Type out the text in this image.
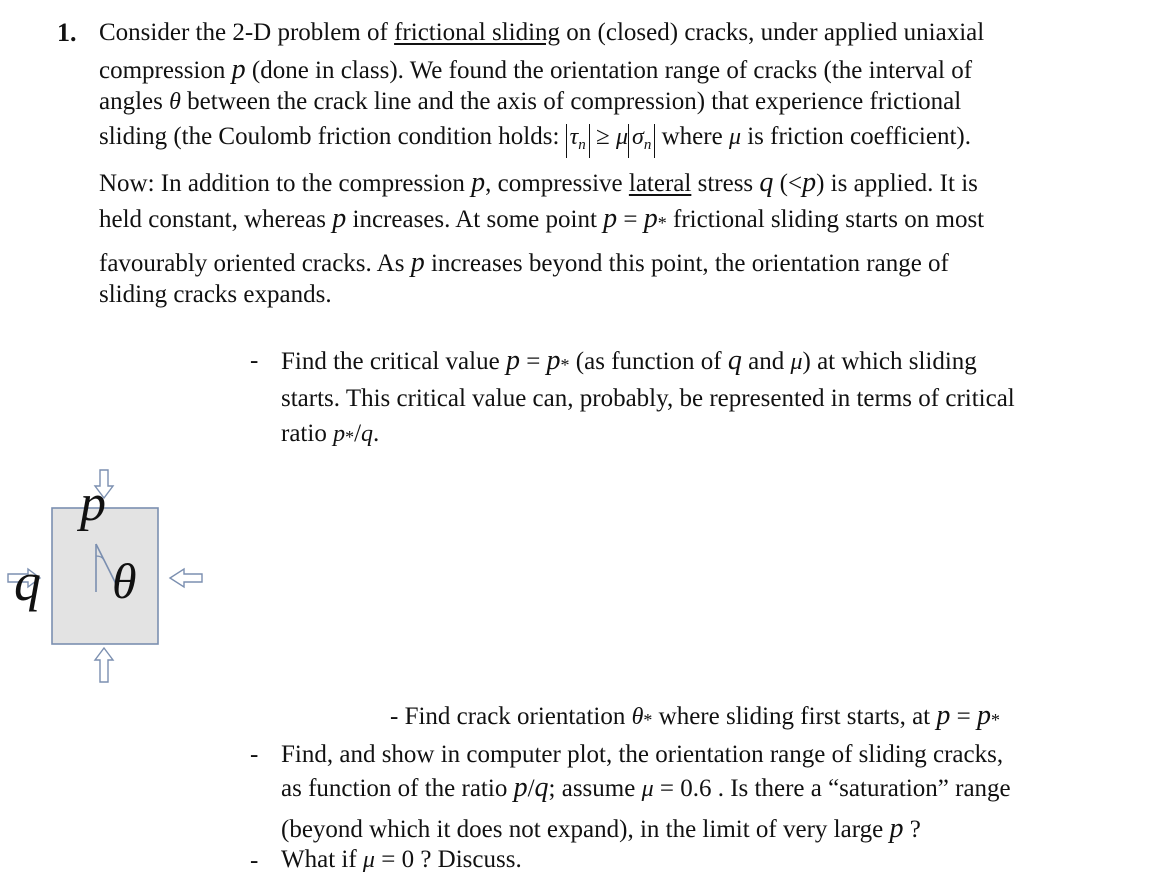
1. Consider the 2-D problem of frictional sliding on (closed) cracks, under applied uniaxial
compression p (done in class). We found the orientation range of cracks (the interval of
angles θ between the crack line and the axis of compression) that experience frictional
sliding (the Coulomb friction condition holds: $\tau_n \ge \mu$ $\sigma_n$ where μ is friction coefficient).
Now: In addition to the compression p, compressive lateral stress q (<p) is applied. It is
held constant, whereas p increases. At some point p = p* frictional sliding starts on most
favourably oriented cracks. As p increases beyond this point, the orientation range of
sliding cracks expands.
- Find the critical value p = p* (as function of q and μ) at which sliding
starts. This critical value can, probably, be represented in terms of critical
ratio p*/q.
p
q θ
- Find crack orientation θ* where sliding first starts, at p = p*
- Find, and show in computer plot, the orientation range of sliding cracks,
as function of the ratio p/q; assume μ = 0.6 . Is there a “saturation” range
(beyond which it does not expand), in the limit of very large p ?
- What if μ = 0 ? Discuss.
